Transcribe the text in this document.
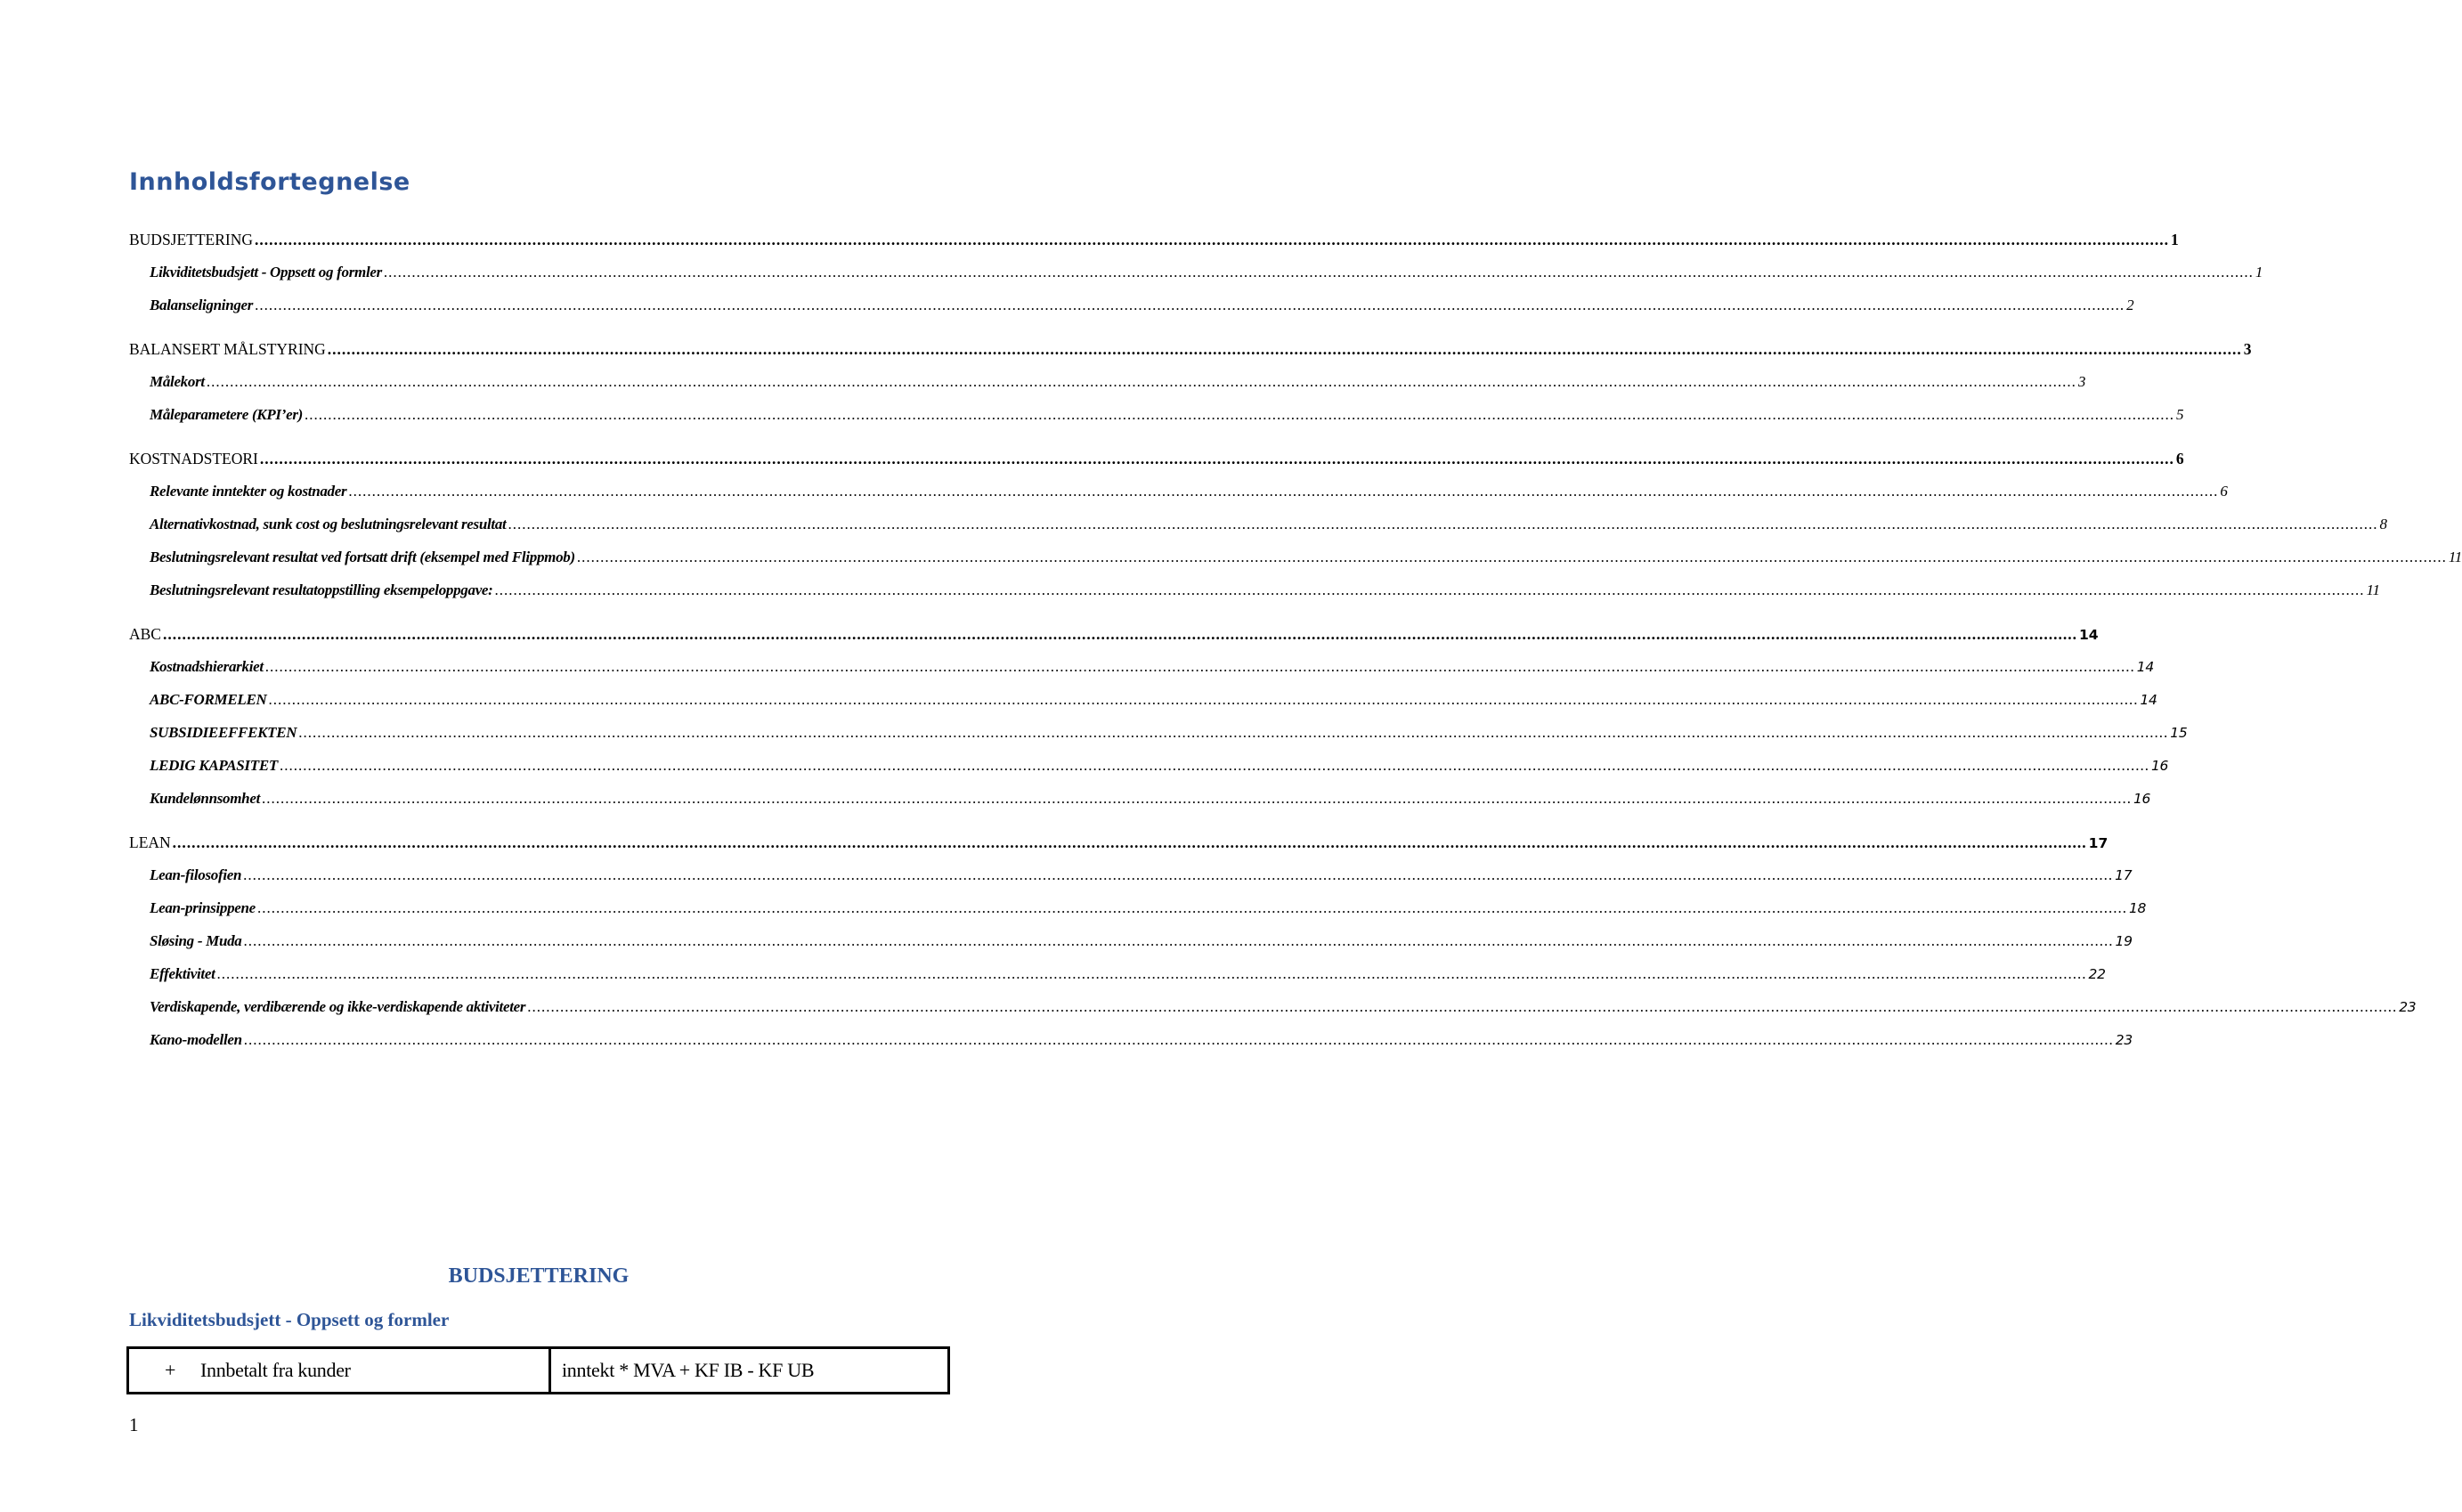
Innholdsfortegnelse
BUDSJETTERING ................................................................................................................................................................................................................................................................................................................................................................................................................ 1
Likviditetsbudsjett - Oppsett og formler ................................................................................................................................................................................................................................................................................................................................................................................................................ 1
Balanseligninger ................................................................................................................................................................................................................................................................................................................................................................................................................ 2
BALANSERT MÅLSTYRING ................................................................................................................................................................................................................................................................................................................................................................................................................ 3
Målekort ................................................................................................................................................................................................................................................................................................................................................................................................................ 3
Måleparametere (KPI’er) ................................................................................................................................................................................................................................................................................................................................................................................................................ 5
KOSTNADSTEORI ................................................................................................................................................................................................................................................................................................................................................................................................................ 6
Relevante inntekter og kostnader ................................................................................................................................................................................................................................................................................................................................................................................................................ 6
Alternativkostnad, sunk cost og beslutningsrelevant resultat ................................................................................................................................................................................................................................................................................................................................................................................................................ 8
Beslutningsrelevant resultat ved fortsatt drift (eksempel med Flippmob) ................................................................................................................................................................................................................................................................................................................................................................................................................ 11
Beslutningsrelevant resultatoppstilling eksempeloppgave: ................................................................................................................................................................................................................................................................................................................................................................................................................ 11
ABC ................................................................................................................................................................................................................................................................................................................................................................................................................ 14
Kostnadshierarkiet ................................................................................................................................................................................................................................................................................................................................................................................................................ 14
ABC-FORMELEN ................................................................................................................................................................................................................................................................................................................................................................................................................ 14
SUBSIDIEEFFEKTEN ................................................................................................................................................................................................................................................................................................................................................................................................................ 15
LEDIG KAPASITET ................................................................................................................................................................................................................................................................................................................................................................................................................ 16
Kundelønnsomhet ................................................................................................................................................................................................................................................................................................................................................................................................................ 16
LEAN ................................................................................................................................................................................................................................................................................................................................................................................................................ 17
Lean-filosofien ................................................................................................................................................................................................................................................................................................................................................................................................................ 17
Lean-prinsippene ................................................................................................................................................................................................................................................................................................................................................................................................................ 18
Sløsing - Muda ................................................................................................................................................................................................................................................................................................................................................................................................................ 19
Effektivitet ................................................................................................................................................................................................................................................................................................................................................................................................................ 22
Verdiskapende, verdibærende og ikke-verdiskapende aktiviteter ................................................................................................................................................................................................................................................................................................................................................................................................................ 23
Kano-modellen ................................................................................................................................................................................................................................................................................................................................................................................................................ 23
BUDSJETTERING
Likviditetsbudsjett - Oppsett og formler
+	Innbetalt fra kunder	inntekt * MVA + KF IB - KF UB
1
